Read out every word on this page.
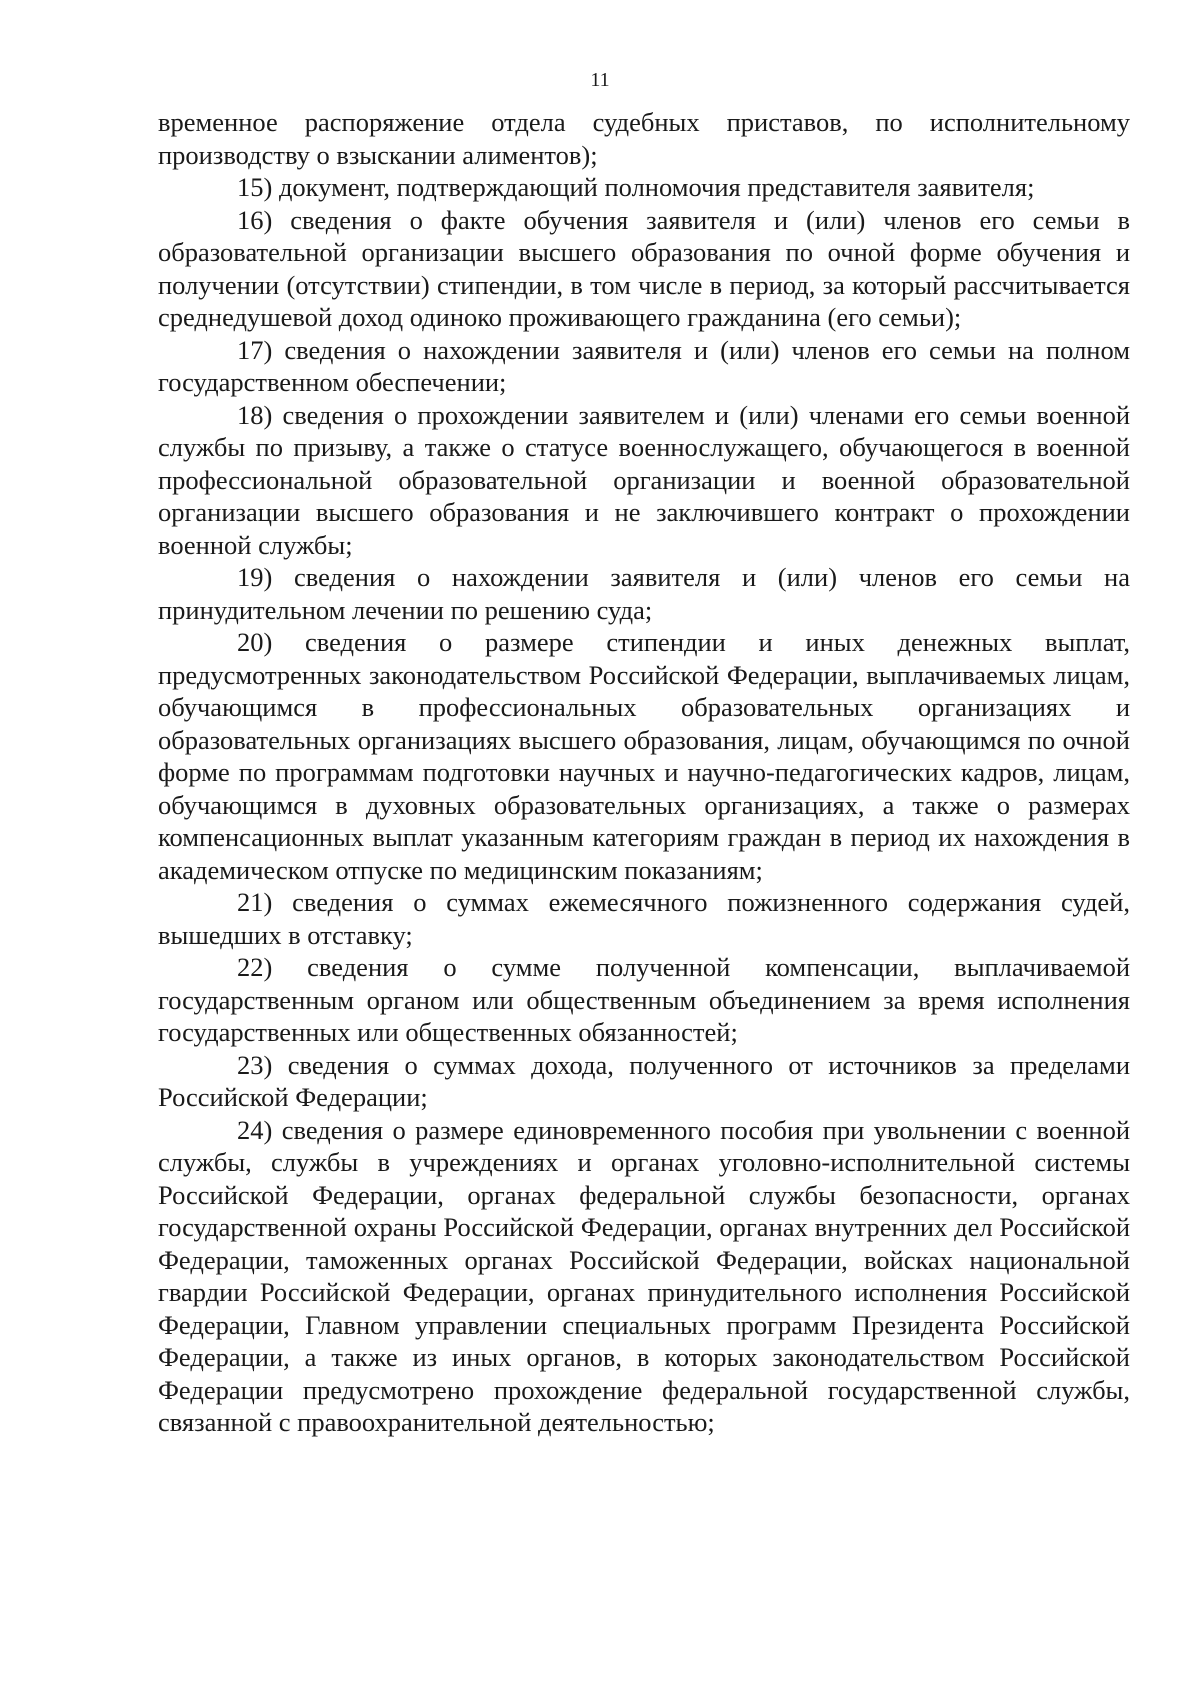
11

временное распоряжение отдела судебных приставов, по исполнительному производству о взыскании алиментов);

15) документ, подтверждающий полномочия представителя заявителя;

16) сведения о факте обучения заявителя и (или) членов его семьи в образовательной организации высшего образования по очной форме обучения и получении (отсутствии) стипендии, в том числе в период, за который рассчитывается среднедушевой доход одиноко проживающего гражданина (его семьи);

17) сведения о нахождении заявителя и (или) членов его семьи на полном государственном обеспечении;

18) сведения о прохождении заявителем и (или) членами его семьи военной службы по призыву, а также о статусе военнослужащего, обучающегося в военной профессиональной образовательной организации и военной образовательной организации высшего образования и не заключившего контракт о прохождении военной службы;

19) сведения о нахождении заявителя и (или) членов его семьи на принудительном лечении по решению суда;

20) сведения о размере стипендии и иных денежных выплат, предусмотренных законодательством Российской Федерации, выплачиваемых лицам, обучающимся в профессиональных образовательных организациях и образовательных организациях высшего образования, лицам, обучающимся по очной форме по программам подготовки научных и научно-педагогических кадров, лицам, обучающимся в духовных образовательных организациях, а также о размерах компенсационных выплат указанным категориям граждан в период их нахождения в академическом отпуске по медицинским показаниям;

21) сведения о суммах ежемесячного пожизненного содержания судей, вышедших в отставку;

22) сведения о сумме полученной компенсации, выплачиваемой государственным органом или общественным объединением за время исполнения государственных или общественных обязанностей;

23) сведения о суммах дохода, полученного от источников за пределами Российской Федерации;

24) сведения о размере единовременного пособия при увольнении с военной службы, службы в учреждениях и органах уголовно-исполнительной системы Российской Федерации, органах федеральной службы безопасности, органах государственной охраны Российской Федерации, органах внутренних дел Российской Федерации, таможенных органах Российской Федерации, войсках национальной гвардии Российской Федерации, органах принудительного исполнения Российской Федерации, Главном управлении специальных программ Президента Российской Федерации, а также из иных органов, в которых законодательством Российской Федерации предусмотрено прохождение федеральной государственной службы, связанной с правоохранительной деятельностью;
